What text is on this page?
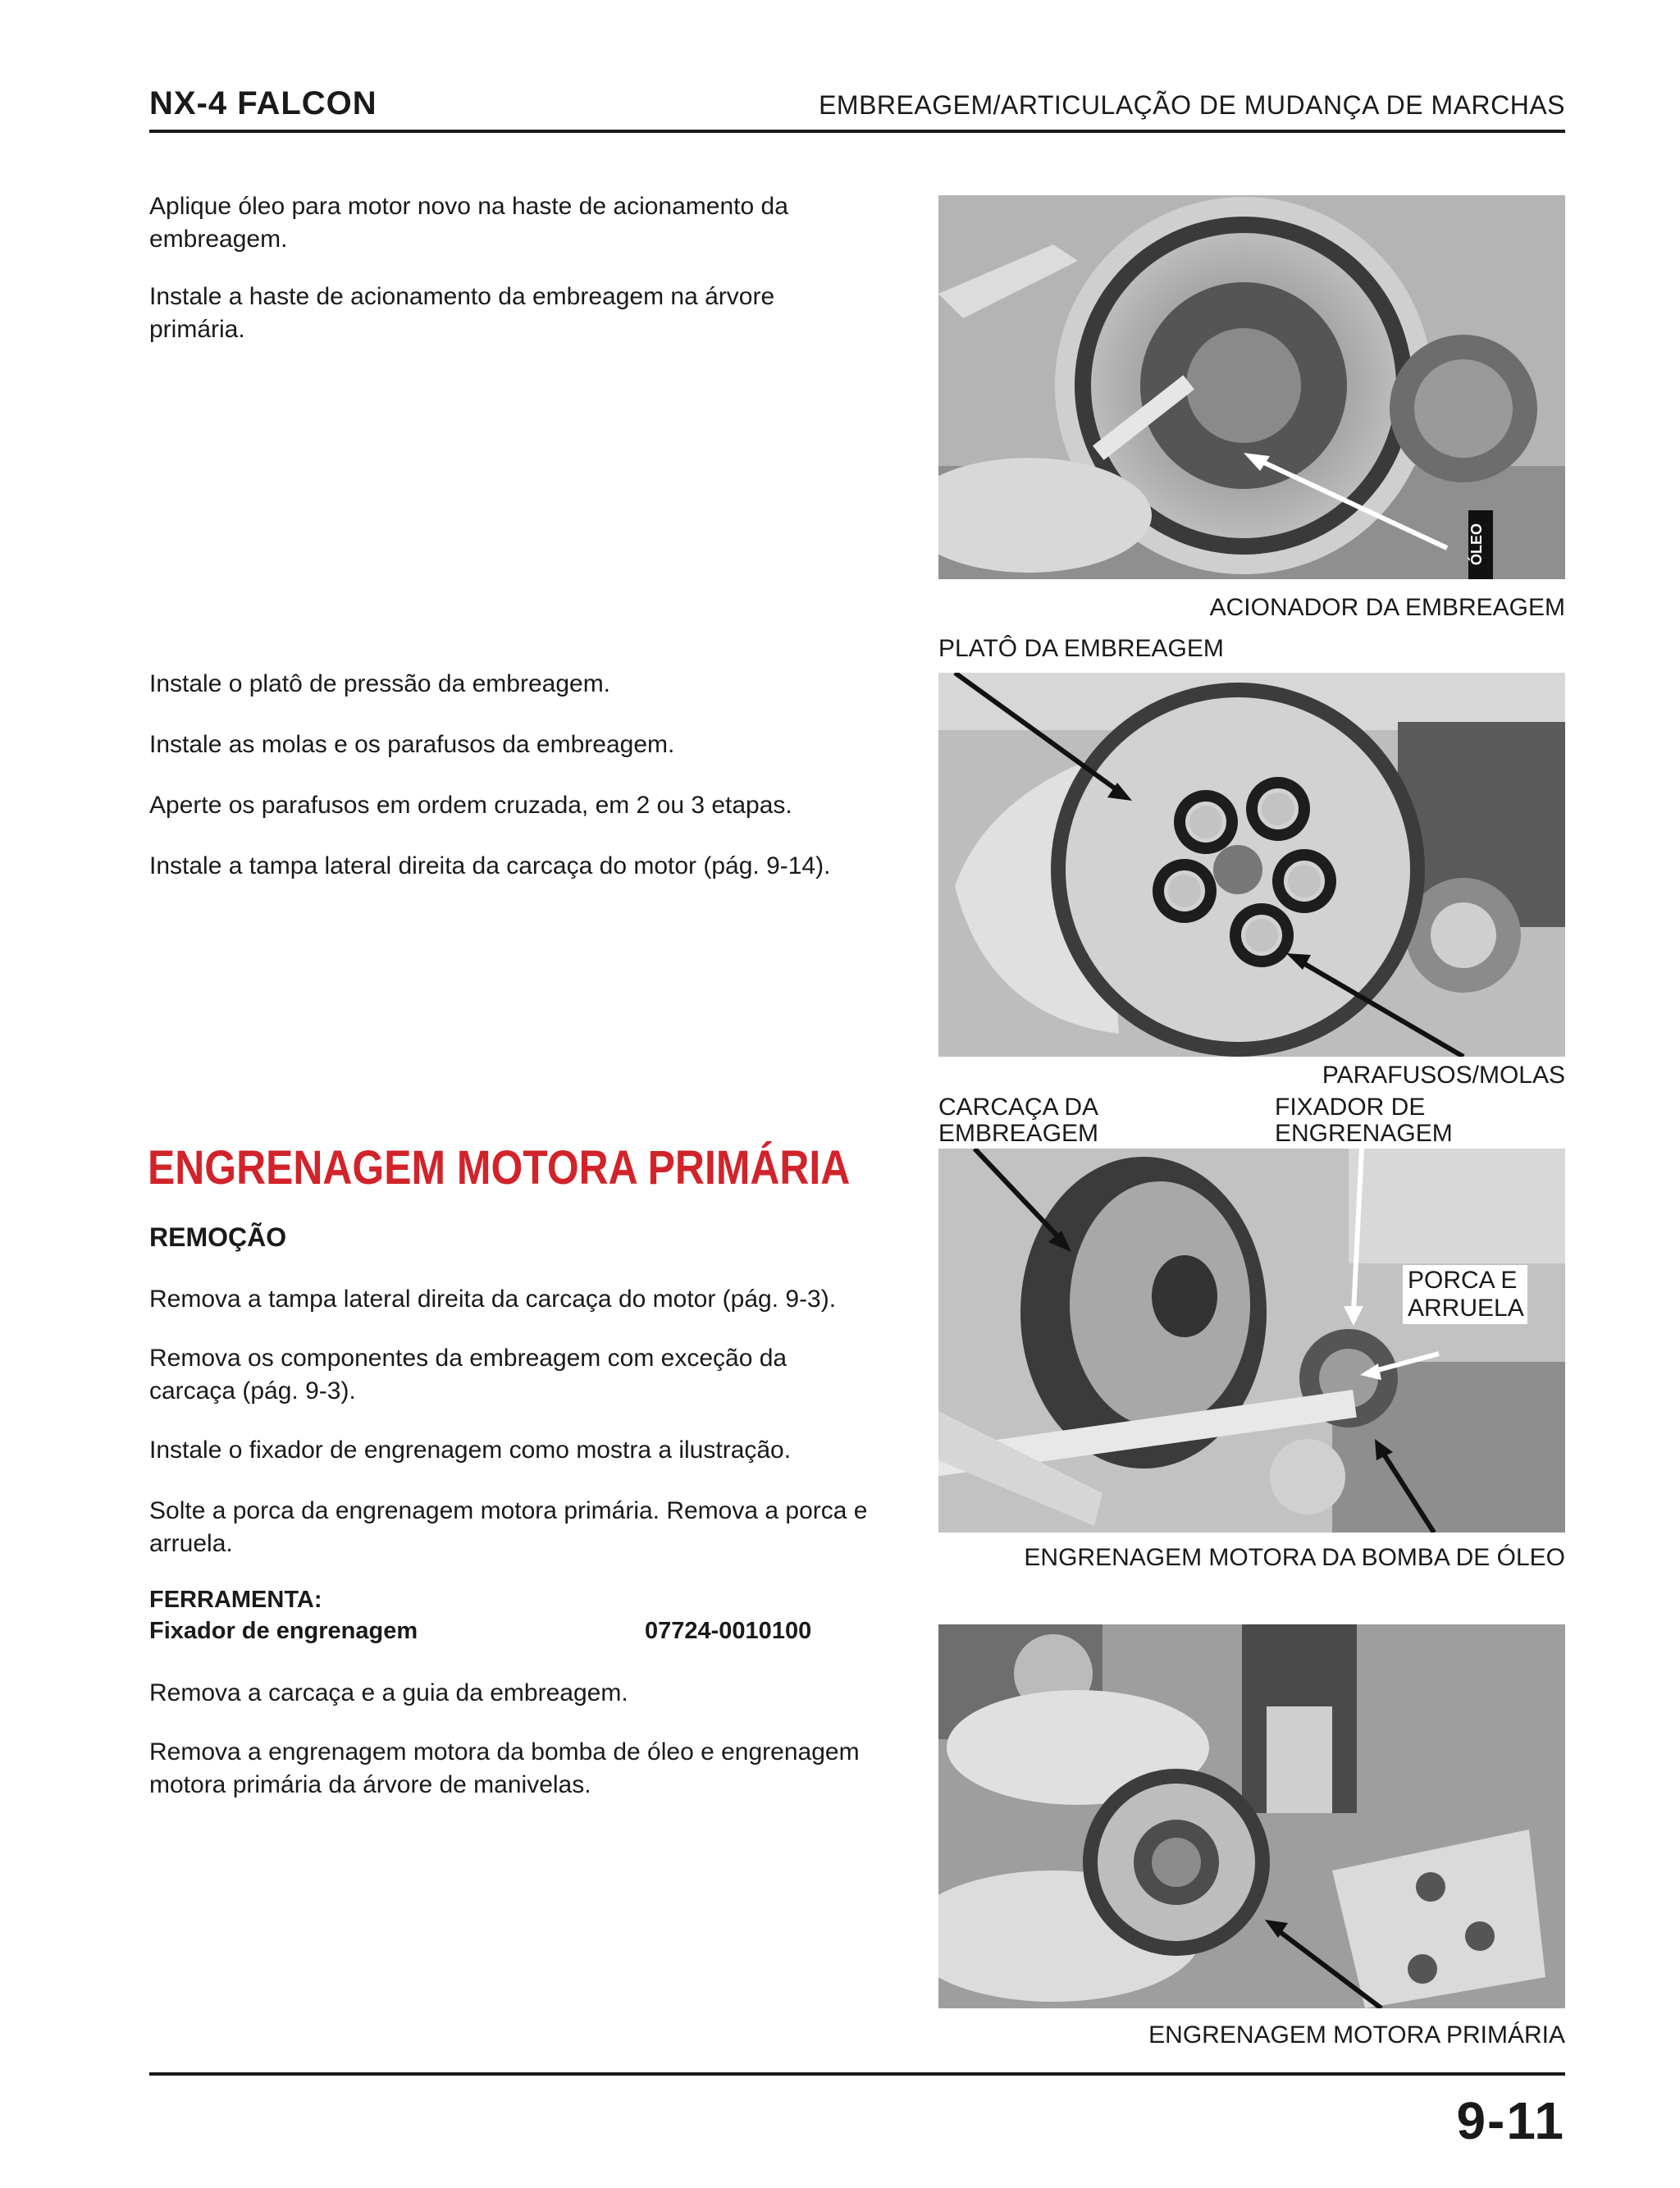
NX-4 FALCON	EMBREAGEM/ARTICULAÇÃO DE MUDANÇA DE MARCHAS
Aplique óleo para motor novo na haste de acionamento da embreagem.
Instale a haste de acionamento da embreagem na árvore primária.
Instale o platô de pressão da embreagem.
Instale as molas e os parafusos da embreagem.
Aperte os parafusos em ordem cruzada, em 2 ou 3 etapas.
Instale a tampa lateral direita da carcaça do motor (pág. 9-14).
ENGRENAGEM MOTORA PRIMÁRIA
REMOÇÃO
Remova a tampa lateral direita da carcaça do motor (pág. 9-3).
Remova os componentes da embreagem com exceção da carcaça (pág. 9-3).
Instale o fixador de engrenagem como mostra a ilustração.
Solte a porca da engrenagem motora primária. Remova a porca e arruela.
FERRAMENTA:
Fixador de engrenagem	07724-0010100
Remova a carcaça e a guia da embreagem.
Remova a engrenagem motora da bomba de óleo e engrenagem motora primária da árvore de manivelas.
ÓLEO
ACIONADOR DA EMBREAGEM
PLATÔ DA EMBREAGEM
PARAFUSOS/MOLAS
CARCAÇA DA EMBREAGEM
FIXADOR DE ENGRENAGEM
PORCA E ARRUELA
ENGRENAGEM MOTORA DA BOMBA DE ÓLEO
ENGRENAGEM MOTORA PRIMÁRIA
9-11
